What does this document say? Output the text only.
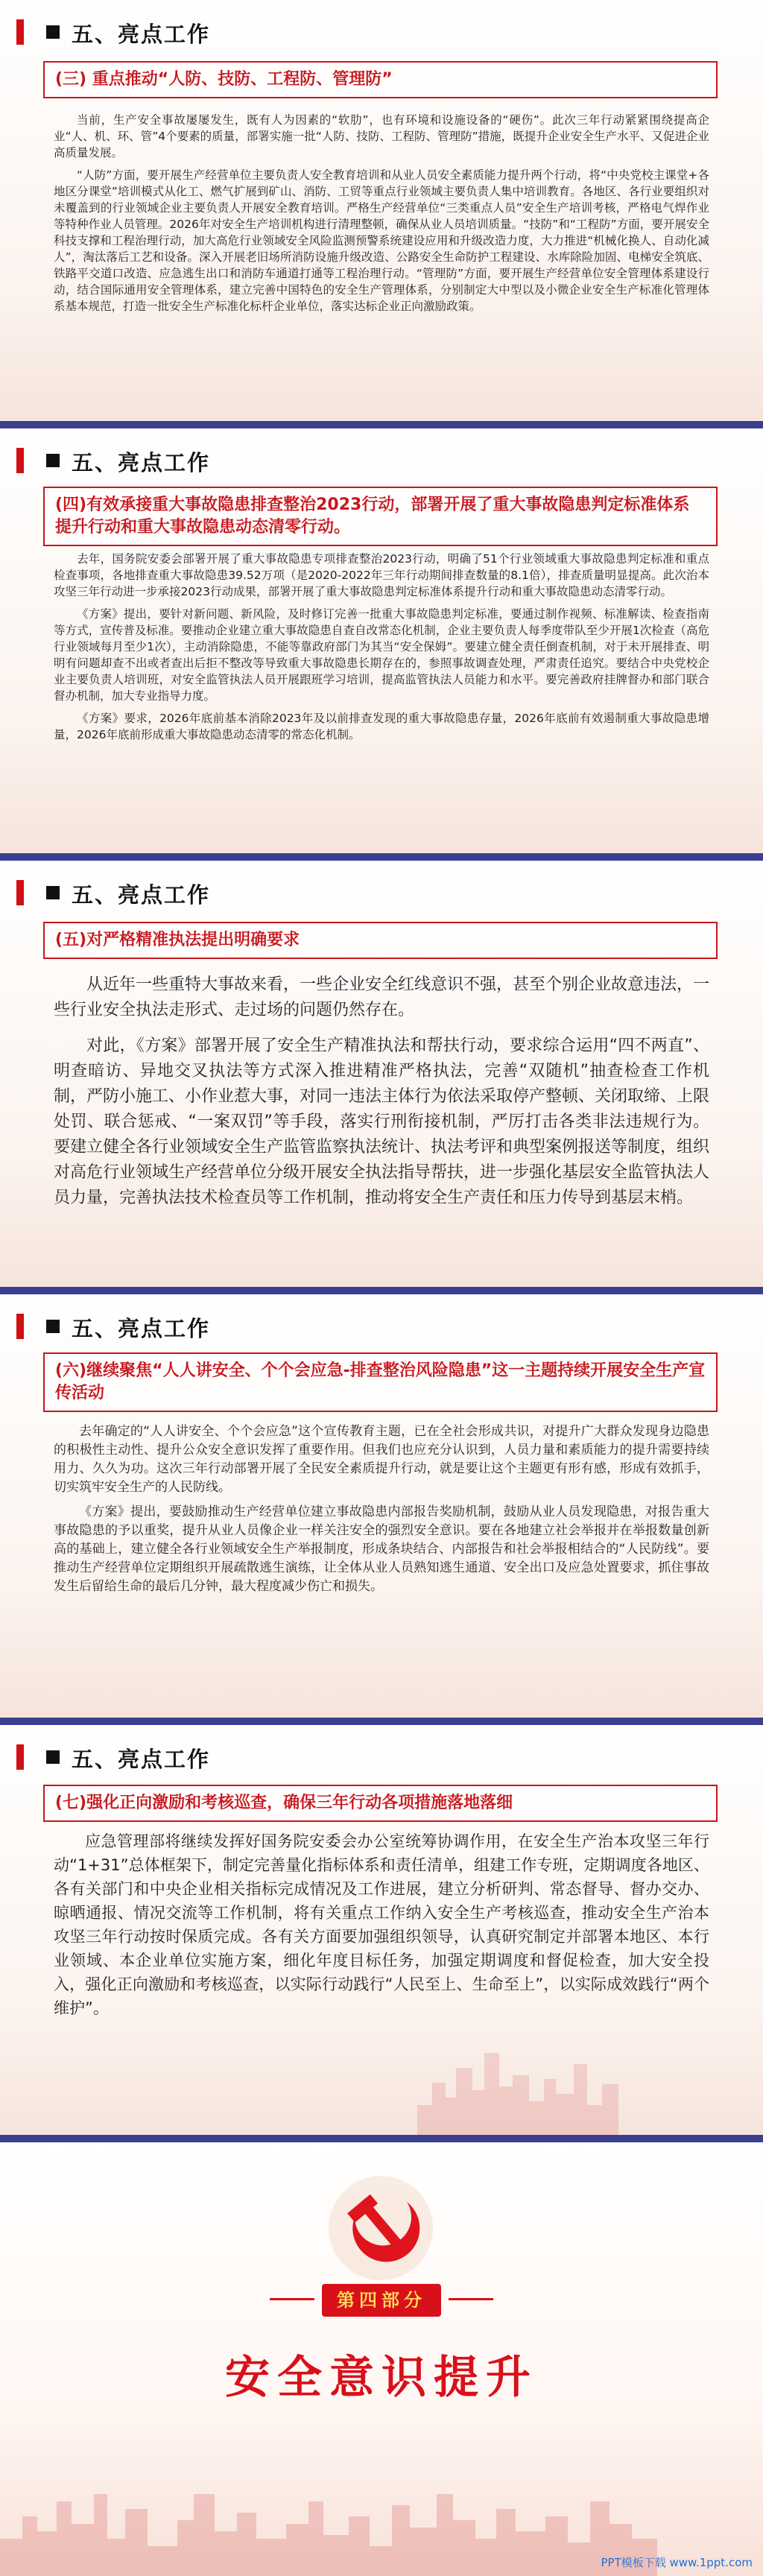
五、亮点工作
(三) 重点推动“人防、技防、工程防、管理防”

当前，生产安全事故屡屡发生，既有人为因素的“软肋”，也有环境和设施设备的“硬伤”。此次三年行动紧紧围绕提高企业“人、机、环、管”4个要素的质量，部署实施一批“人防、技防、工程防、管理防”措施，既提升企业安全生产水平、又促进企业高质量发展。

“人防”方面，要开展生产经营单位主要负责人安全教育培训和从业人员安全素质能力提升两个行动，将“中央党校主课堂+各地区分课堂”培训模式从化工、燃气扩展到矿山、消防、工贸等重点行业领域主要负责人集中培训教育。各地区、各行业要组织对未覆盖到的行业领域企业主要负责人开展安全教育培训。严格生产经营单位“三类重点人员”安全生产培训考核，严格电气焊作业等特种作业人员管理。2026年对安全生产培训机构进行清理整顿，确保从业人员培训质量。“技防”和“工程防”方面，要开展安全科技支撑和工程治理行动，加大高危行业领域安全风险监测预警系统建设应用和升级改造力度，大力推进“机械化换人、自动化减人”，淘汰落后工艺和设备。深入开展老旧场所消防设施升级改造、公路安全生命防护工程建设、水库除险加固、电梯安全筑底、铁路平交道口改造、应急逃生出口和消防车通道打通等工程治理行动。“管理防”方面，要开展生产经营单位安全管理体系建设行动，结合国际通用安全管理体系，建立完善中国特色的安全生产管理体系，分别制定大中型以及小微企业安全生产标准化管理体系基本规范，打造一批安全生产标准化标杆企业单位，落实达标企业正向激励政策。

五、亮点工作
(四)有效承接重大事故隐患排查整治2023行动，部署开展了重大事故隐患判定标准体系提升行动和重大事故隐患动态清零行动。

去年，国务院安委会部署开展了重大事故隐患专项排查整治2023行动，明确了51个行业领域重大事故隐患判定标准和重点检查事项，各地排查重大事故隐患39.52万项（是2020-2022年三年行动期间排查数量的8.1倍），排查质量明显提高。此次治本攻坚三年行动进一步承接2023行动成果，部署开展了重大事故隐患判定标准体系提升行动和重大事故隐患动态清零行动。

《方案》提出，要针对新问题、新风险，及时修订完善一批重大事故隐患判定标准，要通过制作视频、标准解读、检查指南等方式，宣传普及标准。要推动企业建立重大事故隐患自查自改常态化机制，企业主要负责人每季度带队至少开展1次检查（高危行业领域每月至少1次），主动消除隐患，不能等靠政府部门为其当“安全保姆”。要建立健全责任倒查机制，对于未开展排查、明明有问题却查不出或者查出后拒不整改等导致重大事故隐患长期存在的，参照事故调查处理，严肃责任追究。要结合中央党校企业主要负责人培训班，对安全监管执法人员开展跟班学习培训，提高监管执法人员能力和水平。要完善政府挂牌督办和部门联合督办机制，加大专业指导力度。

《方案》要求，2026年底前基本消除2023年及以前排查发现的重大事故隐患存量，2026年底前有效遏制重大事故隐患增量，2026年底前形成重大事故隐患动态清零的常态化机制。

五、亮点工作
(五)对严格精准执法提出明确要求

从近年一些重特大事故来看，一些企业安全红线意识不强，甚至个别企业故意违法，一些行业安全执法走形式、走过场的问题仍然存在。

对此，《方案》部署开展了安全生产精准执法和帮扶行动，要求综合运用“四不两直”、明查暗访、异地交叉执法等方式深入推进精准严格执法，完善“双随机”抽查检查工作机制，严防小施工、小作业惹大事，对同一违法主体行为依法采取停产整顿、关闭取缔、上限处罚、联合惩戒、“一案双罚”等手段，落实行刑衔接机制，严厉打击各类非法违规行为。要建立健全各行业领域安全生产监管监察执法统计、执法考评和典型案例报送等制度，组织对高危行业领域生产经营单位分级开展安全执法指导帮扶，进一步强化基层安全监管执法人员力量，完善执法技术检查员等工作机制，推动将安全生产责任和压力传导到基层末梢。

五、亮点工作
(六)继续聚焦“人人讲安全、个个会应急-排查整治风险隐患”这一主题持续开展安全生产宣传活动

去年确定的“人人讲安全、个个会应急”这个宣传教育主题，已在全社会形成共识，对提升广大群众发现身边隐患的积极性主动性、提升公众安全意识发挥了重要作用。但我们也应充分认识到，人员力量和素质能力的提升需要持续用力、久久为功。这次三年行动部署开展了全民安全素质提升行动，就是要让这个主题更有形有感，形成有效抓手，切实筑牢安全生产的人民防线。

《方案》提出，要鼓励推动生产经营单位建立事故隐患内部报告奖励机制，鼓励从业人员发现隐患，对报告重大事故隐患的予以重奖，提升从业人员像企业一样关注安全的强烈安全意识。要在各地建立社会举报并在举报数量创新高的基础上，建立健全各行业领域安全生产举报制度，形成条块结合、内部报告和社会举报相结合的“人民防线”。要推动生产经营单位定期组织开展疏散逃生演练，让全体从业人员熟知逃生通道、安全出口及应急处置要求，抓住事故发生后留给生命的最后几分钟，最大程度减少伤亡和损失。

五、亮点工作
(七)强化正向激励和考核巡查，确保三年行动各项措施落地落细

应急管理部将继续发挥好国务院安委会办公室统筹协调作用，在安全生产治本攻坚三年行动“1+31”总体框架下，制定完善量化指标体系和责任清单，组建工作专班，定期调度各地区、各有关部门和中央企业相关指标完成情况及工作进展，建立分析研判、常态督导、督办交办、晾晒通报、情况交流等工作机制，将有关重点工作纳入安全生产考核巡查，推动安全生产治本攻坚三年行动按时保质完成。各有关方面要加强组织领导，认真研究制定并部署本地区、本行业领域、本企业单位实施方案，细化年度目标任务，加强定期调度和督促检查，加大安全投入，强化正向激励和考核巡查，以实际行动践行“人民至上、生命至上”，以实际成效践行“两个维护”。

第四部分
安全意识提升
PPT模板下载 www.1ppt.com
